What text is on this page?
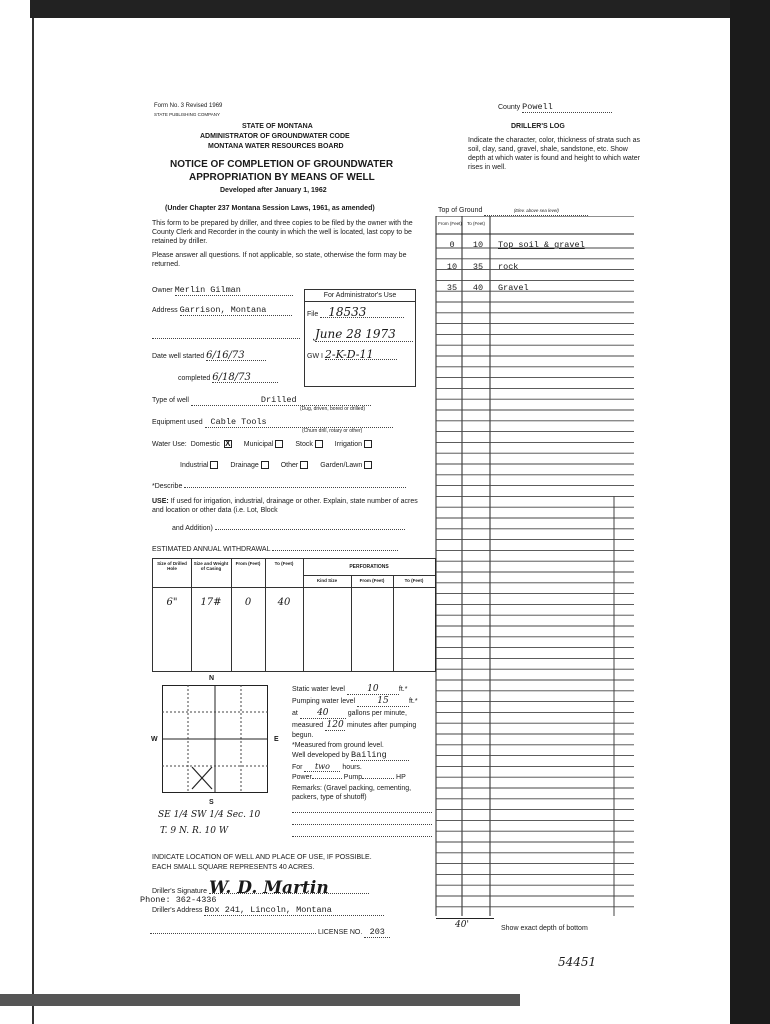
Form No. 3 Revised 1969
STATE PUBLISHING COMPANY
County Powell
STATE OF MONTANA
ADMINISTRATOR OF GROUNDWATER CODE
MONTANA WATER RESOURCES BOARD
NOTICE OF COMPLETION OF GROUNDWATER
APPROPRIATION BY MEANS OF WELL
Developed after January 1, 1962
(Under Chapter 237 Montana Session Laws, 1961, as amended)
This form to be prepared by driller, and three copies to be filed by the owner with the County Clerk and Recorder in the county in which the well is located, last copy to be retained by driller.
Please answer all questions. If not applicable, so state, otherwise the form may be returned.
Owner Merlin Gilman
Address Garrison, Montana
For Administrator's Use
File 18533
June 28 1973
GW I 2-K-D-11
Date well started 6/16/73
completed 6/18/73
Type of well	Drilled
(Dug, driven, bored or drilled)
Equipment used Cable Tools
(Churn drill, rotary or other)
Water Use: Domestic X Municipal	Stock	Irrigation
Industrial	Drainage	Other	Garden/Lawn
*Describe
USE: If used for irrigation, industrial, drainage or other. Explain, state number of acres and location or other data (i.e. Lot, Block
and Addition)
ESTIMATED ANNUAL WITHDRAWAL
Size of Drilled Hole
Size and Weight of Casing
From (Feet)	To (Feet)
PERFORATIONS
Kind Size	From (Feet)	To (Feet)
6"	17#	0	40
N
W	E
S
SE 1/4 SW 1/4 Sec. 10
T. 9 N. R. 10 W
INDICATE LOCATION OF WELL AND PLACE OF USE, IF POSSIBLE.
EACH SMALL SQUARE REPRESENTS 40 ACRES.
Static water level 10	ft.*
Pumping water level 15	ft.*
at 40	gallons per minute,
measured 120 minutes after pumping
begun.
*Measured from ground level.
Well developed by Bailing
For two hours.
Power	Pump	HP
Remarks: (Gravel packing, cementing, packers, type of shutoff)
Driller's Signature W. D. Martin
Phone: 362-4336
Driller's Address Box 241, Lincoln, Montana
LICENSE NO. 203
DRILLER'S LOG
Indicate the character, color, thickness of strata such as soil, clay, sand, gravel, shale, sandstone, etc. Show depth at which water is found and height to which water rises in well.
Top of Ground	(Elev. above sea level)
From (Feet)	To (Feet)
0	10	Top soil & gravel
10	35	rock
35	40	Gravel
40'	Show exact depth of bottom
54451
